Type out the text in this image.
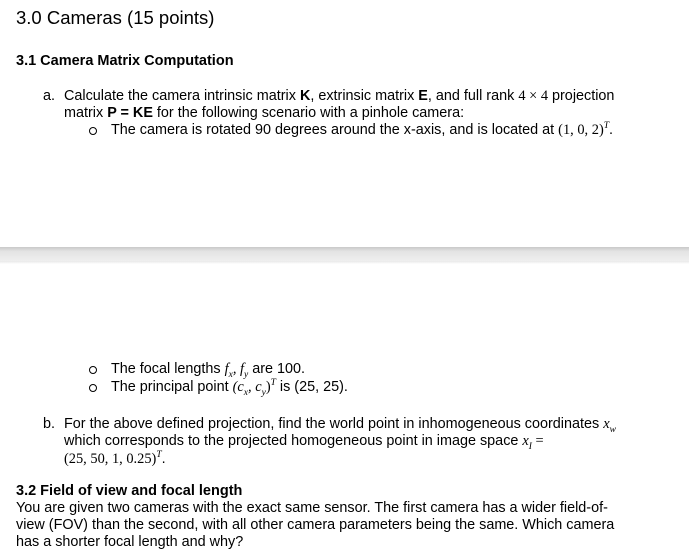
3.0 Cameras (15 points)
3.1 Camera Matrix Computation
a. Calculate the camera intrinsic matrix K, extrinsic matrix E, and full rank 4 × 4 projection
matrix P = KE for the following scenario with a pinhole camera:
The camera is rotated 90 degrees around the x-axis, and is located at (1, 0, 2)$^T$.
The focal lengths $f_x$, $f_y$ are 100.
The principal point ($c_x$, $c_y)^T$ is (25, 25).
b. For the above defined projection, find the world point in inhomogeneous coordinates $x_w$
which corresponds to the projected homogeneous point in image space $x_I$ =
(25, 50, 1, 0.25)$^T$.
3.2 Field of view and focal length
You are given two cameras with the exact same sensor. The first camera has a wider field-of-
view (FOV) than the second, with all other camera parameters being the same. Which camera
has a shorter focal length and why?
